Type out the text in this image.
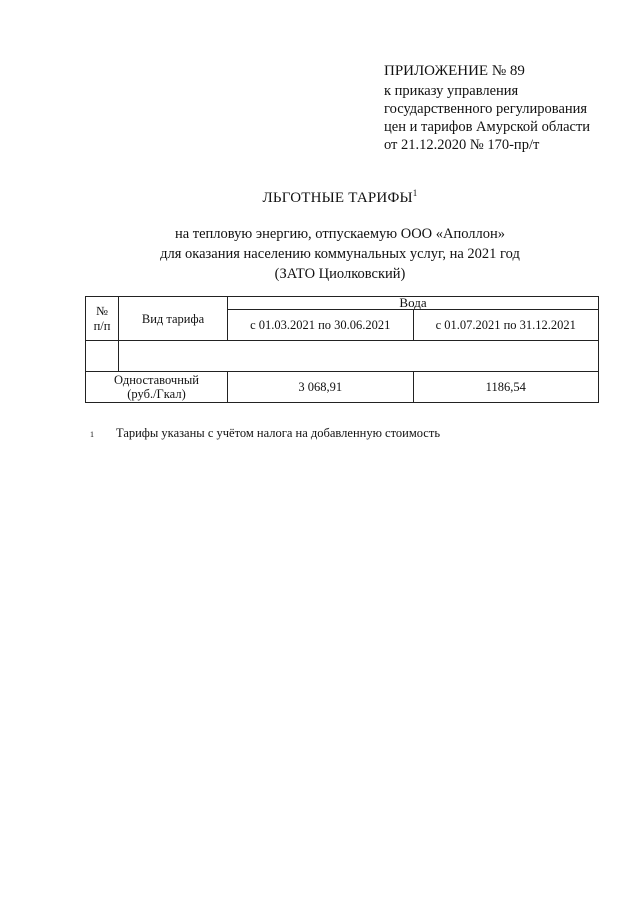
ПРИЛОЖЕНИЕ № 89
к приказу управления
государственного регулирования
цен и тарифов Амурской области
от 21.12.2020 № 170-пр/т
ЛЬГОТНЫЕ ТАРИФЫ$^1$
на тепловую энергию, отпускаемую ООО «Аполлон»
для оказания населению коммунальных услуг, на 2021 год
(ЗАТО Циолковский)
№
п/п	Вид тарифа	Вода	
		с 01.03.2021 по 30.06.2021	с 01.07.2021 по 31.12.2021

Одноставочный
(руб./Гкал)		3 068,91	1186,54
1 Тарифы указаны с учётом налога на добавленную стоимость
